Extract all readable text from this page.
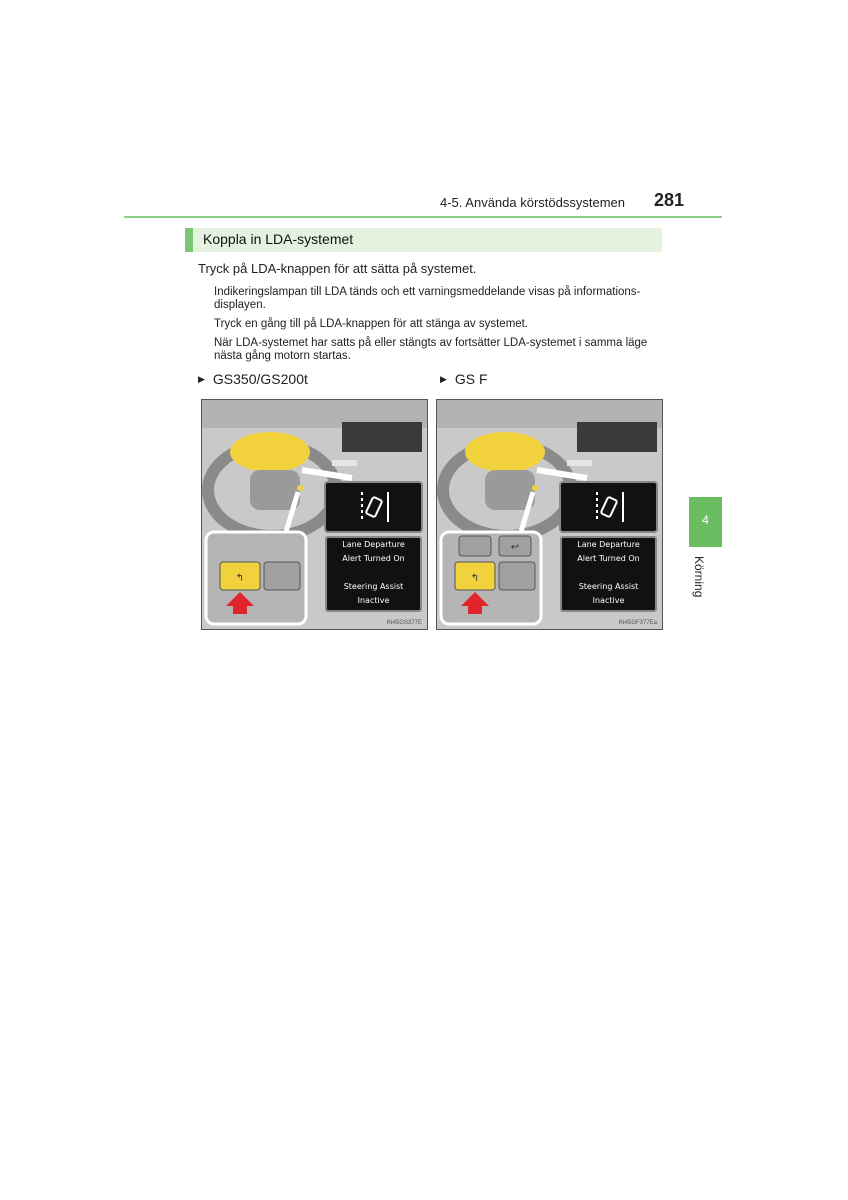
4-5. Använda körstödssystemen 281
Koppla in LDA-systemet
Tryck på LDA-knappen för att sätta på systemet.
Indikeringslampan till LDA tänds och ett varningsmeddelande visas på informations-
displayen.
Tryck en gång till på LDA-knappen för att stänga av systemet.
När LDA-systemet har satts på eller stängts av fortsätter LDA-systemet i samma läge
nästa gång motorn startas.
▶ GS350/GS200t	▶ GS F
↰
Lane Departure
Alert Turned On
Steering Assist
Inactive
IN45GS377E
↩
↰
Lane Departure
Alert Turned On
Steering Assist
Inactive
IN45GF377Ea
4
Körning
